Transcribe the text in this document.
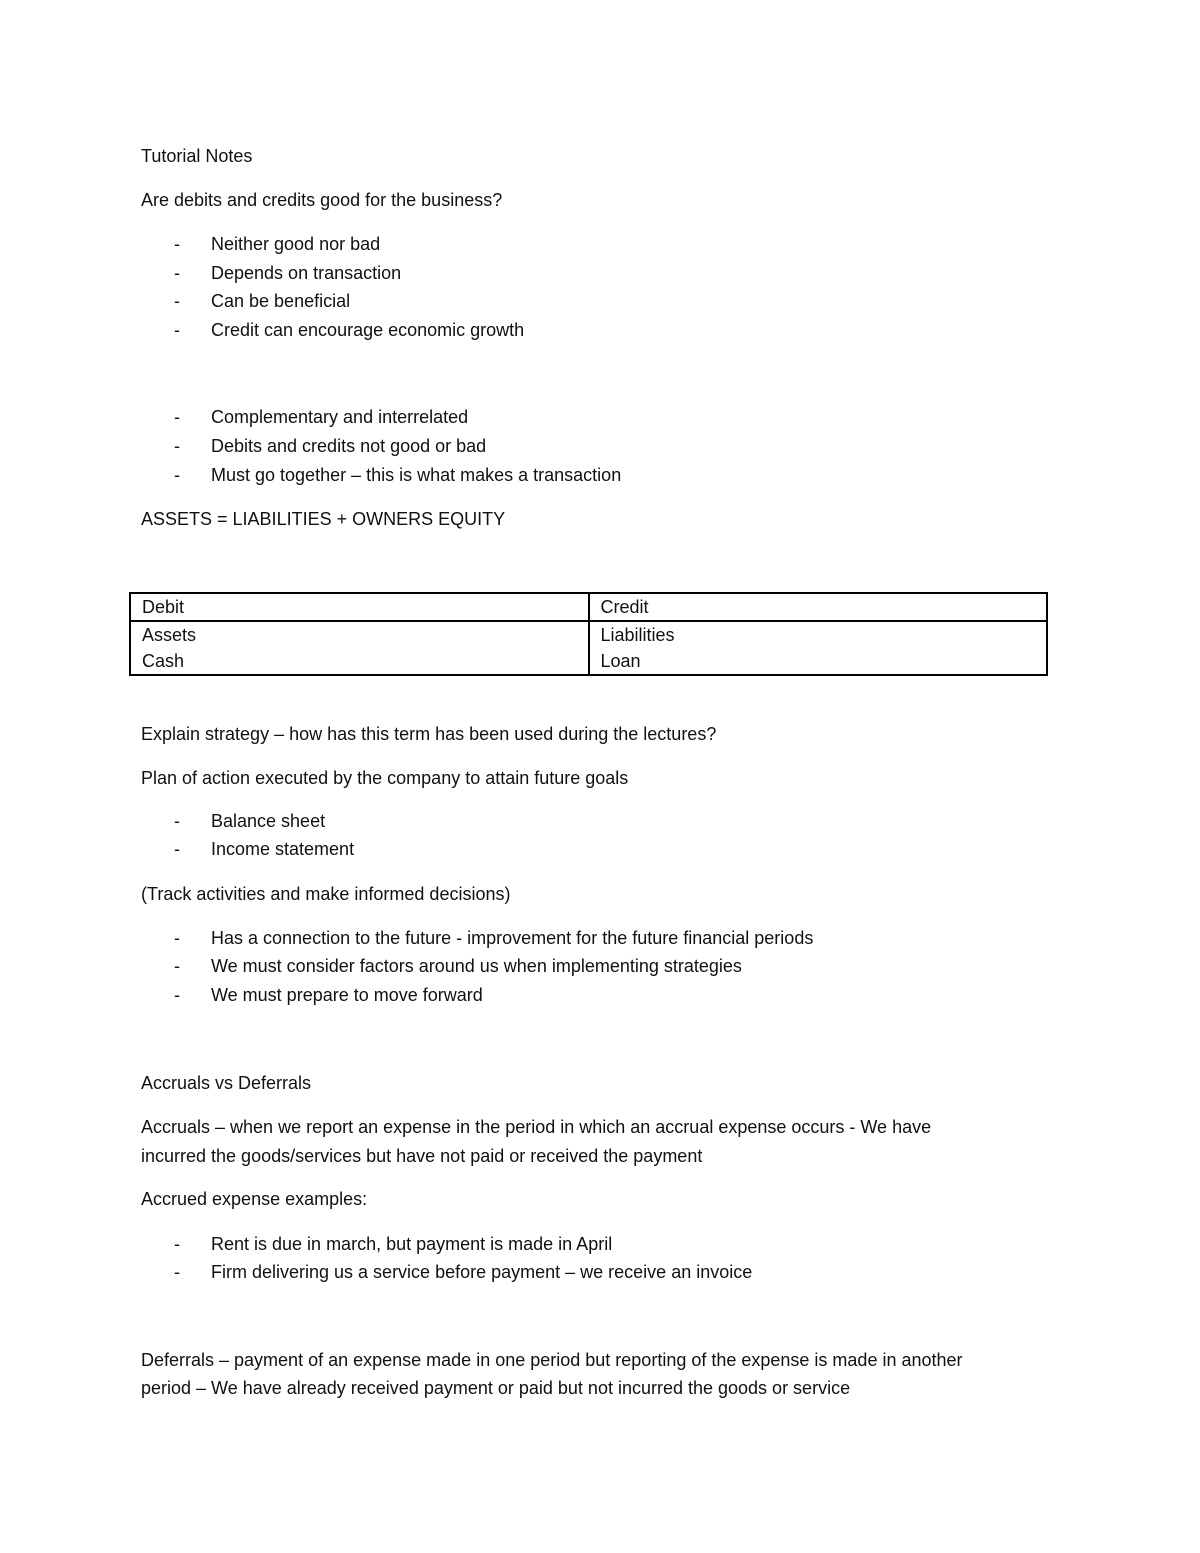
Tutorial Notes

Are debits and credits good for the business?

-	Neither good nor bad
-	Depends on transaction
-	Can be beneficial
-	Credit can encourage economic growth
-	Complementary and interrelated
-	Debits and credits not good or bad
-	Must go together – this is what makes a transaction

ASSETS = LIABILITIES + OWNERS EQUITY

Debit	Credit
Assets	Liabilities
Cash	Loan

Explain strategy – how has this term has been used during the lectures?

Plan of action executed by the company to attain future goals

-	Balance sheet
-	Income statement

(Track activities and make informed decisions)

-	Has a connection to the future - improvement for the future financial periods
-	We must consider factors around us when implementing strategies
-	We must prepare to move forward

Accruals vs Deferrals

Accruals – when we report an expense in the period in which an accrual expense occurs - We have

incurred the goods/services but have not paid or received the payment

Accrued expense examples:

-	Rent is due in march, but payment is made in April
-	Firm delivering us a service before payment – we receive an invoice

Deferrals – payment of an expense made in one period but reporting of the expense is made in another

period – We have already received payment or paid but not incurred the goods or service
